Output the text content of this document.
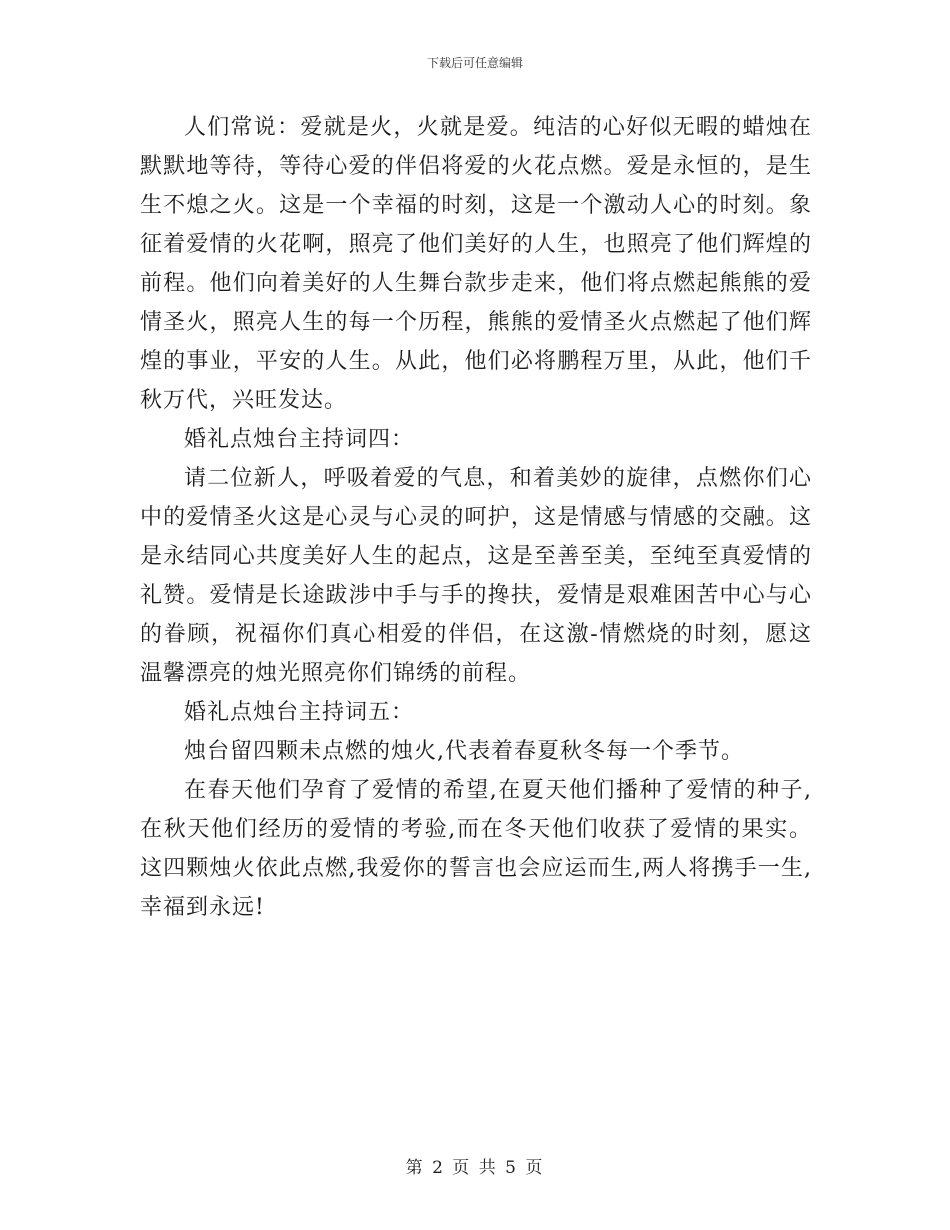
下载后可任意编辑

人们常说：爱就是火，火就是爱。纯洁的心好似无暇的蜡烛在默默地等待，等待心爱的伴侣将爱的火花点燃。爱是永恒的，是生生不熄之火。这是一个幸福的时刻，这是一个激动人心的时刻。象征着爱情的火花啊，照亮了他们美好的人生，也照亮了他们辉煌的前程。他们向着美好的人生舞台款步走来，他们将点燃起熊熊的爱情圣火，照亮人生的每一个历程，熊熊的爱情圣火点燃起了他们辉煌的事业，平安的人生。从此，他们必将鹏程万里，从此，他们千秋万代，兴旺发达。

婚礼点烛台主持词四：

请二位新人，呼吸着爱的气息，和着美妙的旋律，点燃你们心中的爱情圣火这是心灵与心灵的呵护，这是情感与情感的交融。这是永结同心共度美好人生的起点，这是至善至美，至纯至真爱情的礼赞。爱情是长途跋涉中手与手的搀扶，爱情是艰难困苦中心与心的眷顾，祝福你们真心相爱的伴侣，在这激-情燃烧的时刻，愿这温馨漂亮的烛光照亮你们锦绣的前程。

婚礼点烛台主持词五：

烛台留四颗未点燃的烛火,代表着春夏秋冬每一个季节。

在春天他们孕育了爱情的希望,在夏天他们播种了爱情的种子,在秋天他们经历的爱情的考验,而在冬天他们收获了爱情的果实。这四颗烛火依此点燃,我爱你的誓言也会应运而生,两人将携手一生,幸福到永远!

第 2 页 共 5 页
